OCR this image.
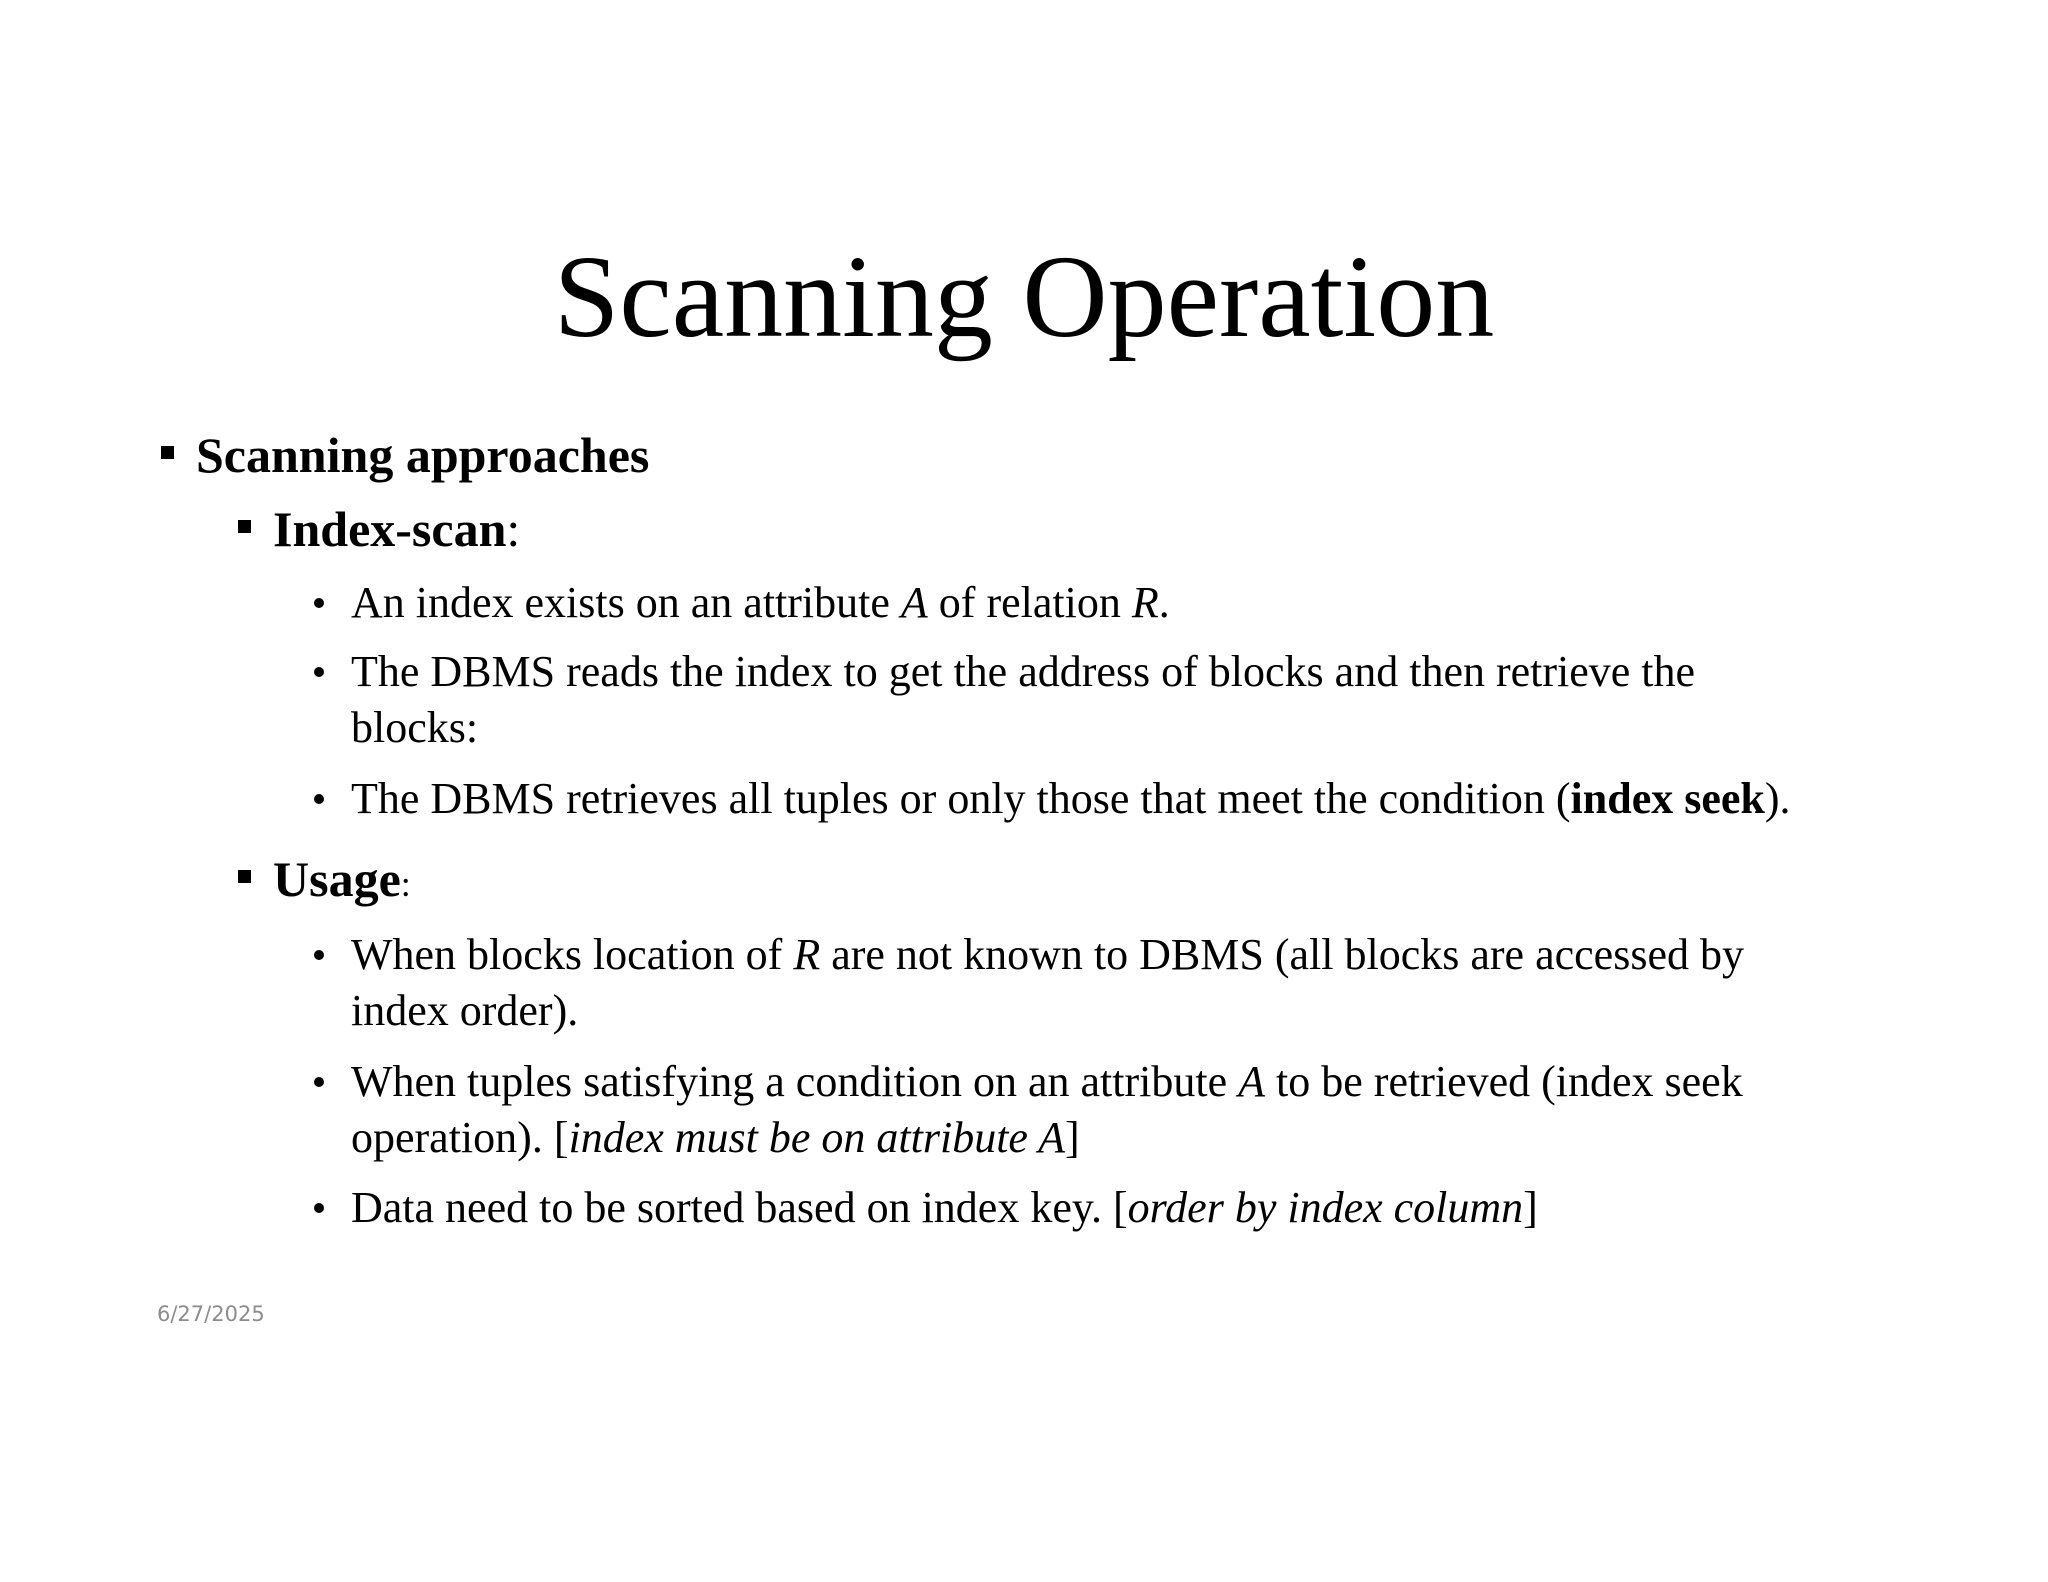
Scanning Operation
Scanning approaches
Index-scan:
An index exists on an attribute A of relation R.
The DBMS reads the index to get the address of blocks and then retrieve the
blocks:
The DBMS retrieves all tuples or only those that meet the condition (index seek).
Usage:
When blocks location of R are not known to DBMS (all blocks are accessed by
index order).
When tuples satisfying a condition on an attribute A to be retrieved (index seek
operation). [index must be on attribute A]
Data need to be sorted based on index key. [order by index column]
6/27/2025
